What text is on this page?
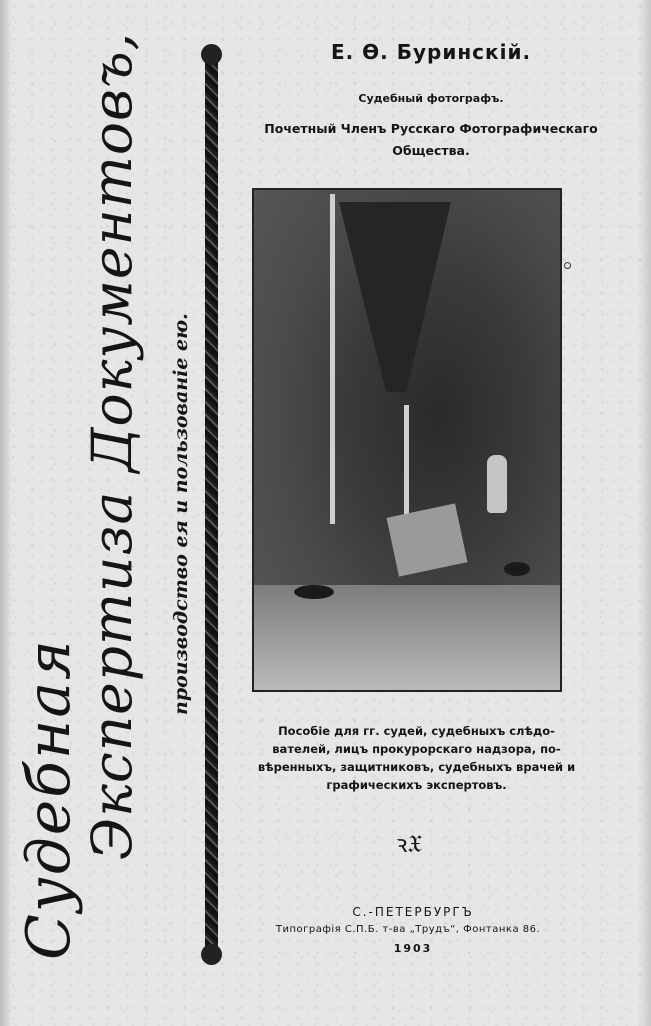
Судебная
Экспертиза Документовъ, производство ея и пользованіе ею.
Е. Ѳ. Буринскій.
Судебный фотографъ.
Почетный Членъ Русскаго Фотографическаго Общества.

Пособіе для гг. судей, судебныхъ слѣдователей, лицъ прокурорскаго надзора, повѣренныхъ, защитниковъ, судебныхъ врачей и графическихъ экспертовъ.

ꝛ𝔛
С.-ПЕТЕРБУРГЪ
Типографія С.П.Б. т-ва „Трудъ“, Фонтанка 86.
1903
